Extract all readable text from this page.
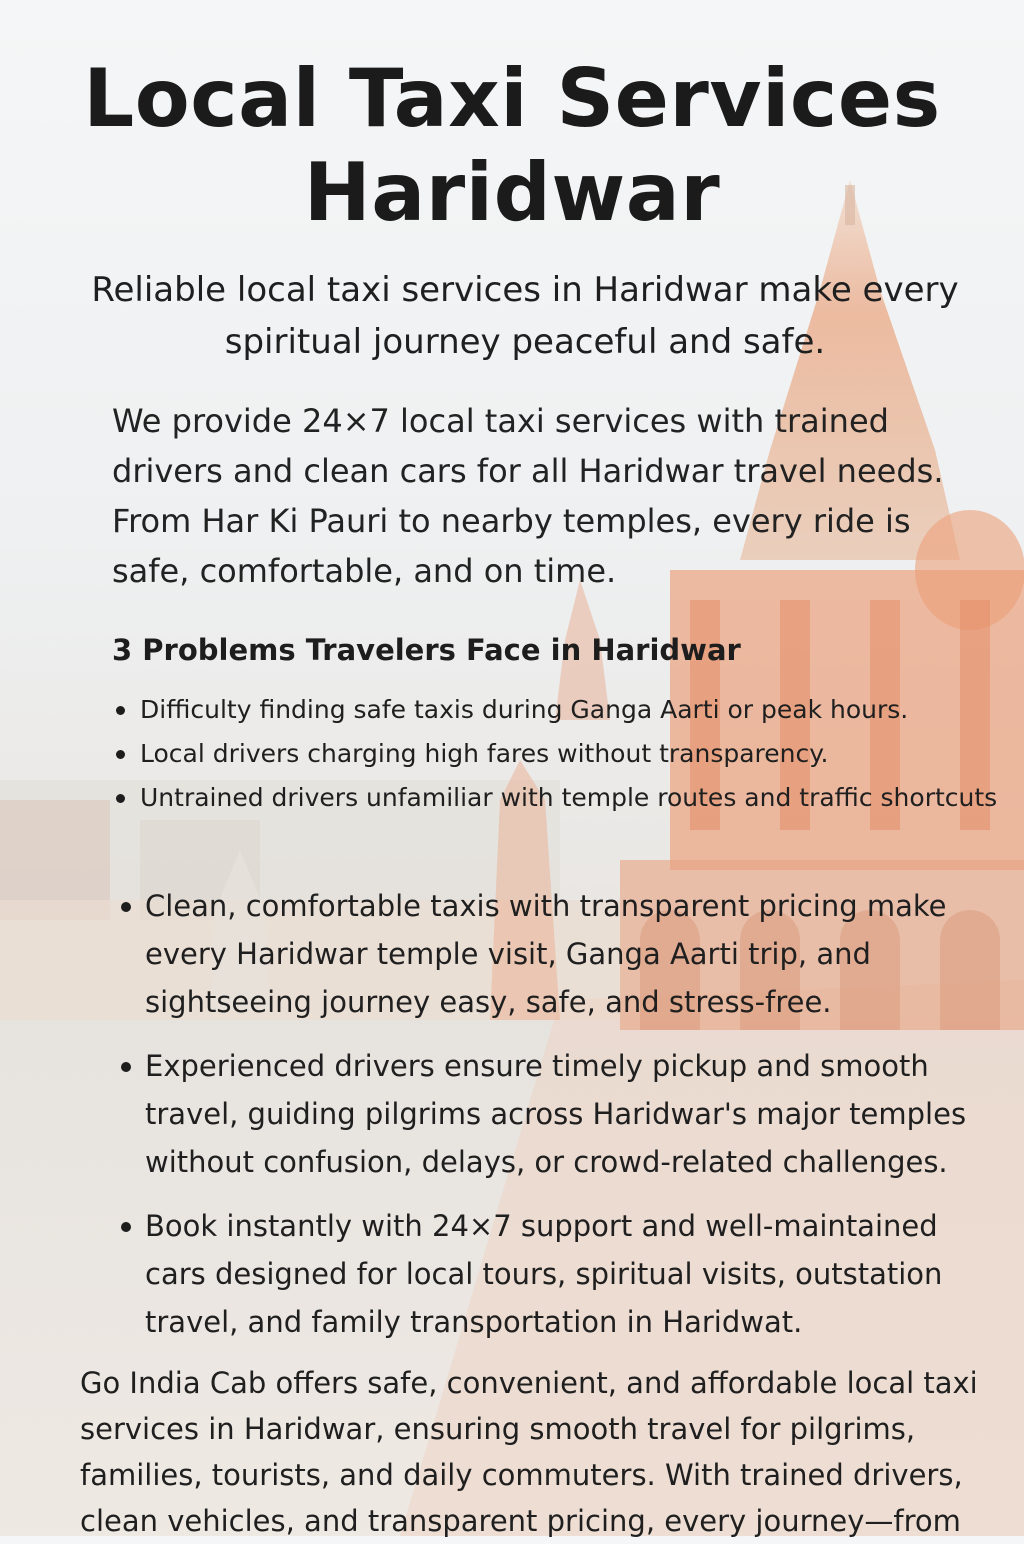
Local Taxi Services Haridwar

Reliable local taxi services in Haridwar make every spiritual journey peaceful and safe.

We provide 24×7 local taxi services with trained drivers and clean cars for all Haridwar travel needs. From Har Ki Pauri to nearby temples, every ride is safe, comfortable, and on time.

3 Problems Travelers Face in Haridwar
Difficulty finding safe taxis during Ganga Aarti or peak hours.
Local drivers charging high fares without transparency.
Untrained drivers unfamiliar with temple routes and traffic shortcuts
Clean, comfortable taxis with transparent pricing make every Haridwar temple visit, Ganga Aarti trip, and sightseeing journey easy, safe, and stress-free.
Experienced drivers ensure timely pickup and smooth travel, guiding pilgrims across Haridwar's major temples without confusion, delays, or crowd-related challenges.
Book instantly with 24×7 support and well-maintained cars designed for local tours, spiritual visits, outstation travel, and family transportation in Haridwat.

Go India Cab offers safe, convenient, and affordable local taxi services in Haridwar, ensuring smooth travel for pilgrims, families, tourists, and daily commuters. With trained drivers, clean vehicles, and transparent pricing, every journey—from
